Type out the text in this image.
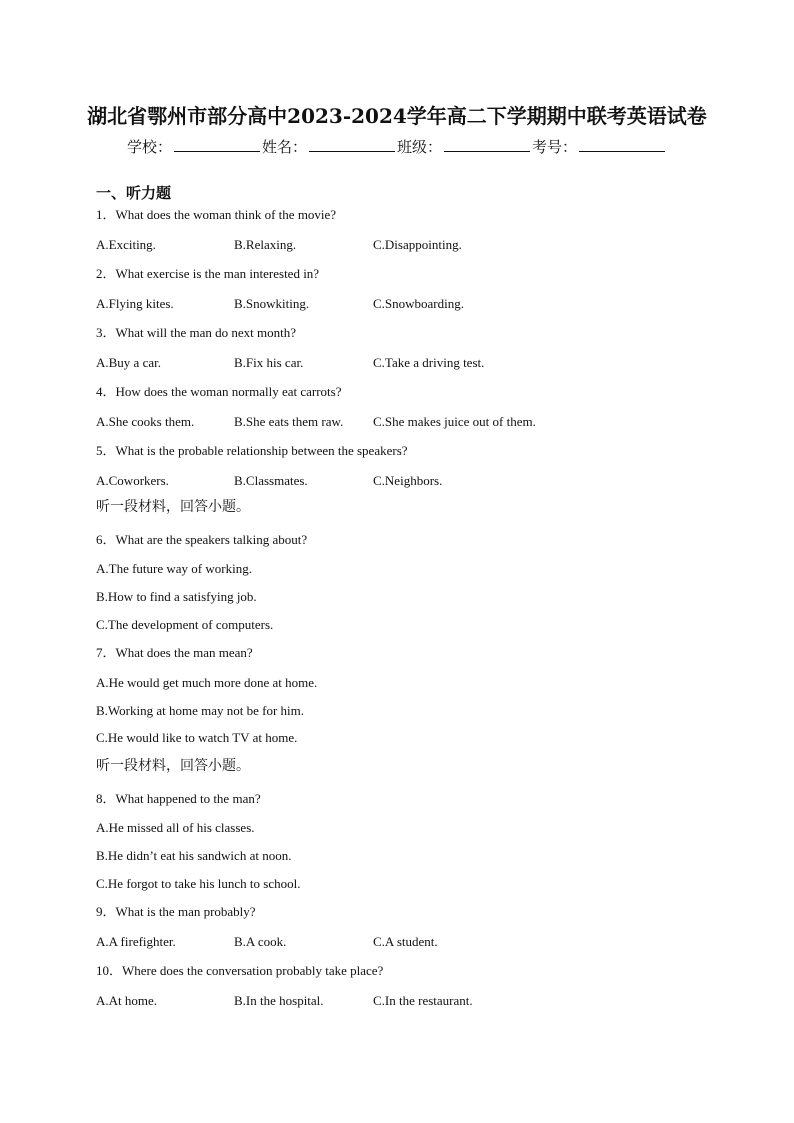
湖北省鄂州市部分高中2023-2024学年高二下学期期中联考英语试卷
学校：	姓名：	班级：	考号：
一、听力题
1．What does the woman think of the movie?
A.Exciting.	B.Relaxing.	C.Disappointing.
2．What exercise is the man interested in?
A.Flying kites.	B.Snowkiting.	C.Snowboarding.
3．What will the man do next month?
A.Buy a car.	B.Fix his car.	C.Take a driving test.
4．How does the woman normally eat carrots?
A.She cooks them.	B.She eats them raw. C.She makes juice out of them.
5．What is the probable relationship between the speakers?
A.Coworkers.	B.Classmates.	C.Neighbors.
听一段材料，回答小题。
6．What are the speakers talking about?
A.The future way of working.
B.How to find a satisfying job.
C.The development of computers.
7．What does the man mean?
A.He would get much more done at home.
B.Working at home may not be for him.
C.He would like to watch TV at home.
听一段材料，回答小题。
8．What happened to the man?
A.He missed all of his classes.
B.He didn’t eat his sandwich at noon.
C.He forgot to take his lunch to school.
9．What is the man probably?
A.A firefighter.	B.A cook.	C.A student.
10．Where does the conversation probably take place?
A.At home.	B.In the hospital.	C.In the restaurant.
